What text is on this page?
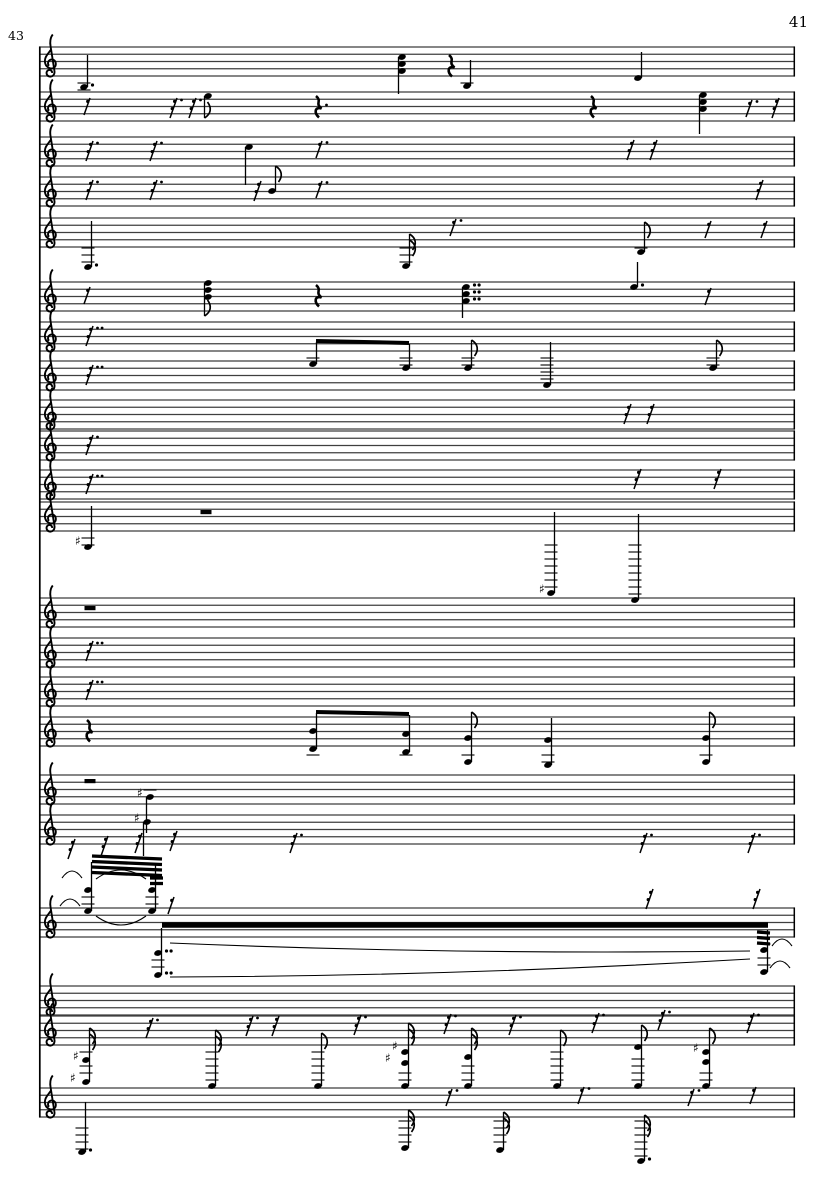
41
43
♯
♯
♯
♯
♯
♯
♯
♯
♯
